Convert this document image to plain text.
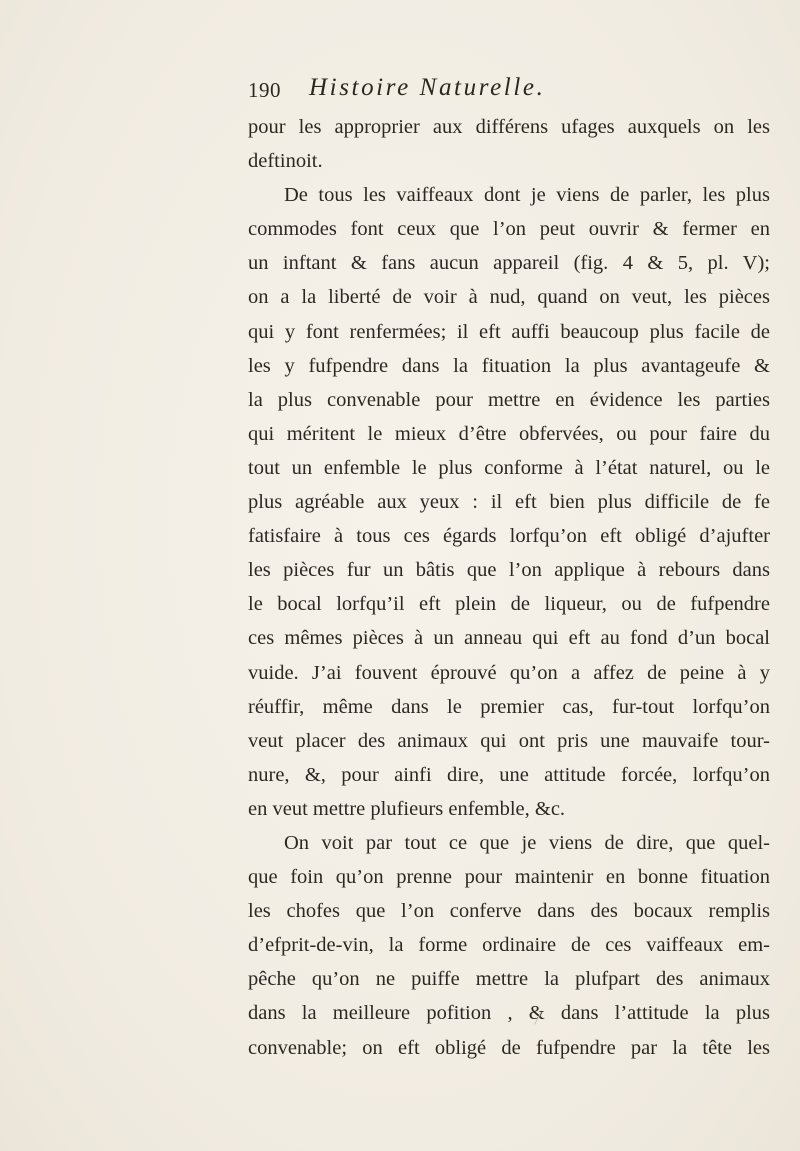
190 Histoire Naturelle.
pour les approprier aux différens ufages auxquels on les
deftinoit.
De tous les vaiffeaux dont je viens de parler, les plus
commodes font ceux que l’on peut ouvrir & fermer en
un inftant & fans aucun appareil (fig. 4 & 5, pl. V);
on a la liberté de voir à nud, quand on veut, les pièces
qui y font renfermées; il eft auffi beaucoup plus facile de
les y fufpendre dans la fituation la plus avantageufe &
la plus convenable pour mettre en évidence les parties
qui méritent le mieux d’être obfervées, ou pour faire du
tout un enfemble le plus conforme à l’état naturel, ou le
plus agréable aux yeux : il eft bien plus difficile de fe
fatisfaire à tous ces égards lorfqu’on eft obligé d’ajufter
les pièces fur un bâtis que l’on applique à rebours dans
le bocal lorfqu’il eft plein de liqueur, ou de fufpendre
ces mêmes pièces à un anneau qui eft au fond d’un bocal
vuide. J’ai fouvent éprouvé qu’on a affez de peine à y
réuffir, même dans le premier cas, fur-tout lorfqu’on
veut placer des animaux qui ont pris une mauvaife tour-
nure, &, pour ainfi dire, une attitude forcée, lorfqu’on
en veut mettre plufieurs enfemble, &c.
On voit par tout ce que je viens de dire, que quel-
que foin qu’on prenne pour maintenir en bonne fituation
les chofes que l’on conferve dans des bocaux remplis
d’efprit-de-vin, la forme ordinaire de ces vaiffeaux em-
pêche qu’on ne puiffe mettre la plufpart des animaux
dans la meilleure pofition , & dans l’attitude la plus
convenable; on eft obligé de fufpendre par la tête les
